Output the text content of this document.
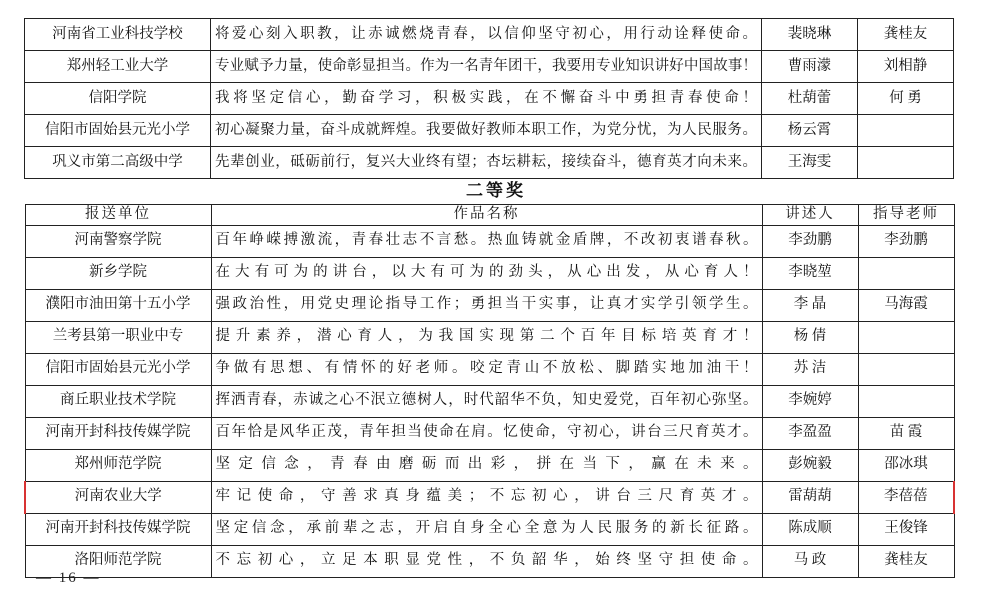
河南省工业科技学校	将爱心刻入职教，让赤诚燃烧青春，以信仰坚守初心，用行动诠释使命。	裴晓琳	龚桂友
郑州轻工业大学	专业赋予力量，使命彰显担当。作为一名青年团干，我要用专业知识讲好中国故事！	曹雨濛	刘相静
信阳学院	我将坚定信心，勤奋学习，积极实践，在不懈奋斗中勇担青春使命！	杜葫蕾	何 勇
信阳市固始县元光小学	初心凝聚力量，奋斗成就辉煌。我要做好教师本职工作，为党分忧，为人民服务。	杨云霄	
巩义市第二高级中学	先辈创业，砥砺前行，复兴大业终有望；杏坛耕耘，接续奋斗，德育英才向未来。	王海雯	
二等奖
报送单位	作品名称	讲述人	指导老师
河南警察学院	百年峥嵘搏激流，青春壮志不言愁。热血铸就金盾牌，不改初衷谱春秋。	李劲鹏	李劲鹏
新乡学院	在大有可为的讲台，以大有可为的劲头，从心出发，从心育人！	李晓堃	
濮阳市油田第十五小学	强政治性，用党史理论指导工作；勇担当干实事，让真才实学引领学生。	李 晶	马海霞
兰考县第一职业中专	提升素养，潜心育人，为我国实现第二个百年目标培英育才！	杨 倩	
信阳市固始县元光小学	争做有思想、有情怀的好老师。咬定青山不放松、脚踏实地加油干！	苏 洁	
商丘职业技术学院	挥洒青春，赤诚之心不泯立德树人，时代韶华不负，知史爱党，百年初心弥坚。	李婉婷	
河南开封科技传媒学院	百年恰是风华正茂，青年担当使命在肩。忆使命，守初心，讲台三尺育英才。	李盈盈	苗 霞
郑州师范学院	坚定信念，青春由磨砺而出彩，拼在当下，赢在未来。	彭婉毅	邵冰琪
河南农业大学	牢记使命，守善求真身蕴美；不忘初心，讲台三尺育英才。	雷葫葫	李蓓蓓
河南开封科技传媒学院	坚定信念，承前辈之志，开启自身全心全意为人民服务的新长征路。	陈成顺	王俊锋
洛阳师范学院	不忘初心，立足本职显党性，不负韶华，始终坚守担使命。	马 政	龚桂友
— 16 —
